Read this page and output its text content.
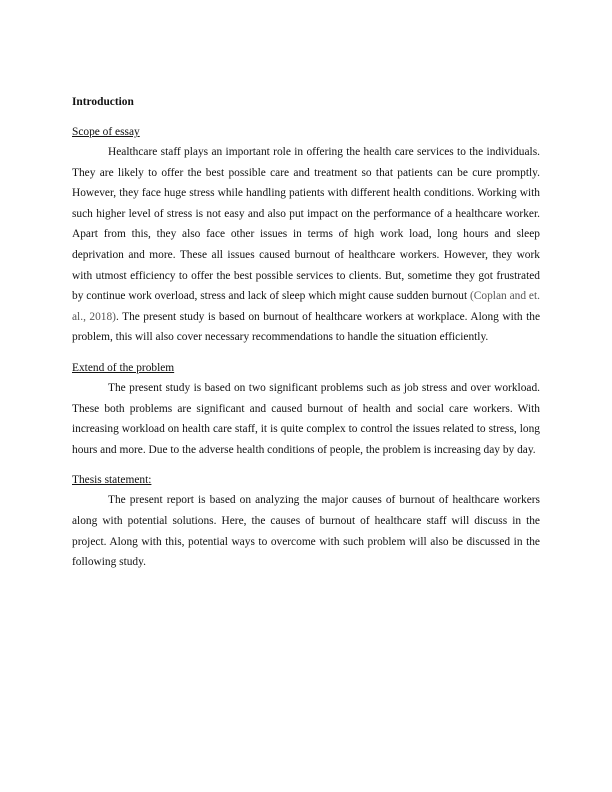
Introduction

Scope of essay

Healthcare staff plays an important role in offering the health care services to the individuals. They are likely to offer the best possible care and treatment so that patients can be cure promptly. However, they face huge stress while handling patients with different health conditions. Working with such higher level of stress is not easy and also put impact on the performance of a healthcare worker. Apart from this, they also face other issues in terms of high work load, long hours and sleep deprivation and more. These all issues caused burnout of healthcare workers. However, they work with utmost efficiency to offer the best possible services to clients. But, sometime they got frustrated by continue work overload, stress and lack of sleep which might cause sudden burnout (Coplan and et. al., 2018). The present study is based on burnout of healthcare workers at workplace. Along with the problem, this will also cover necessary recommendations to handle the situation efficiently.

Extend of the problem

The present study is based on two significant problems such as job stress and over workload. These both problems are significant and caused burnout of health and social care workers. With increasing workload on health care staff, it is quite complex to control the issues related to stress, long hours and more. Due to the adverse health conditions of people, the problem is increasing day by day.

Thesis statement:

The present report is based on analyzing the major causes of burnout of healthcare workers along with potential solutions. Here, the causes of burnout of healthcare staff will discuss in the project. Along with this, potential ways to overcome with such problem will also be discussed in the following study.
